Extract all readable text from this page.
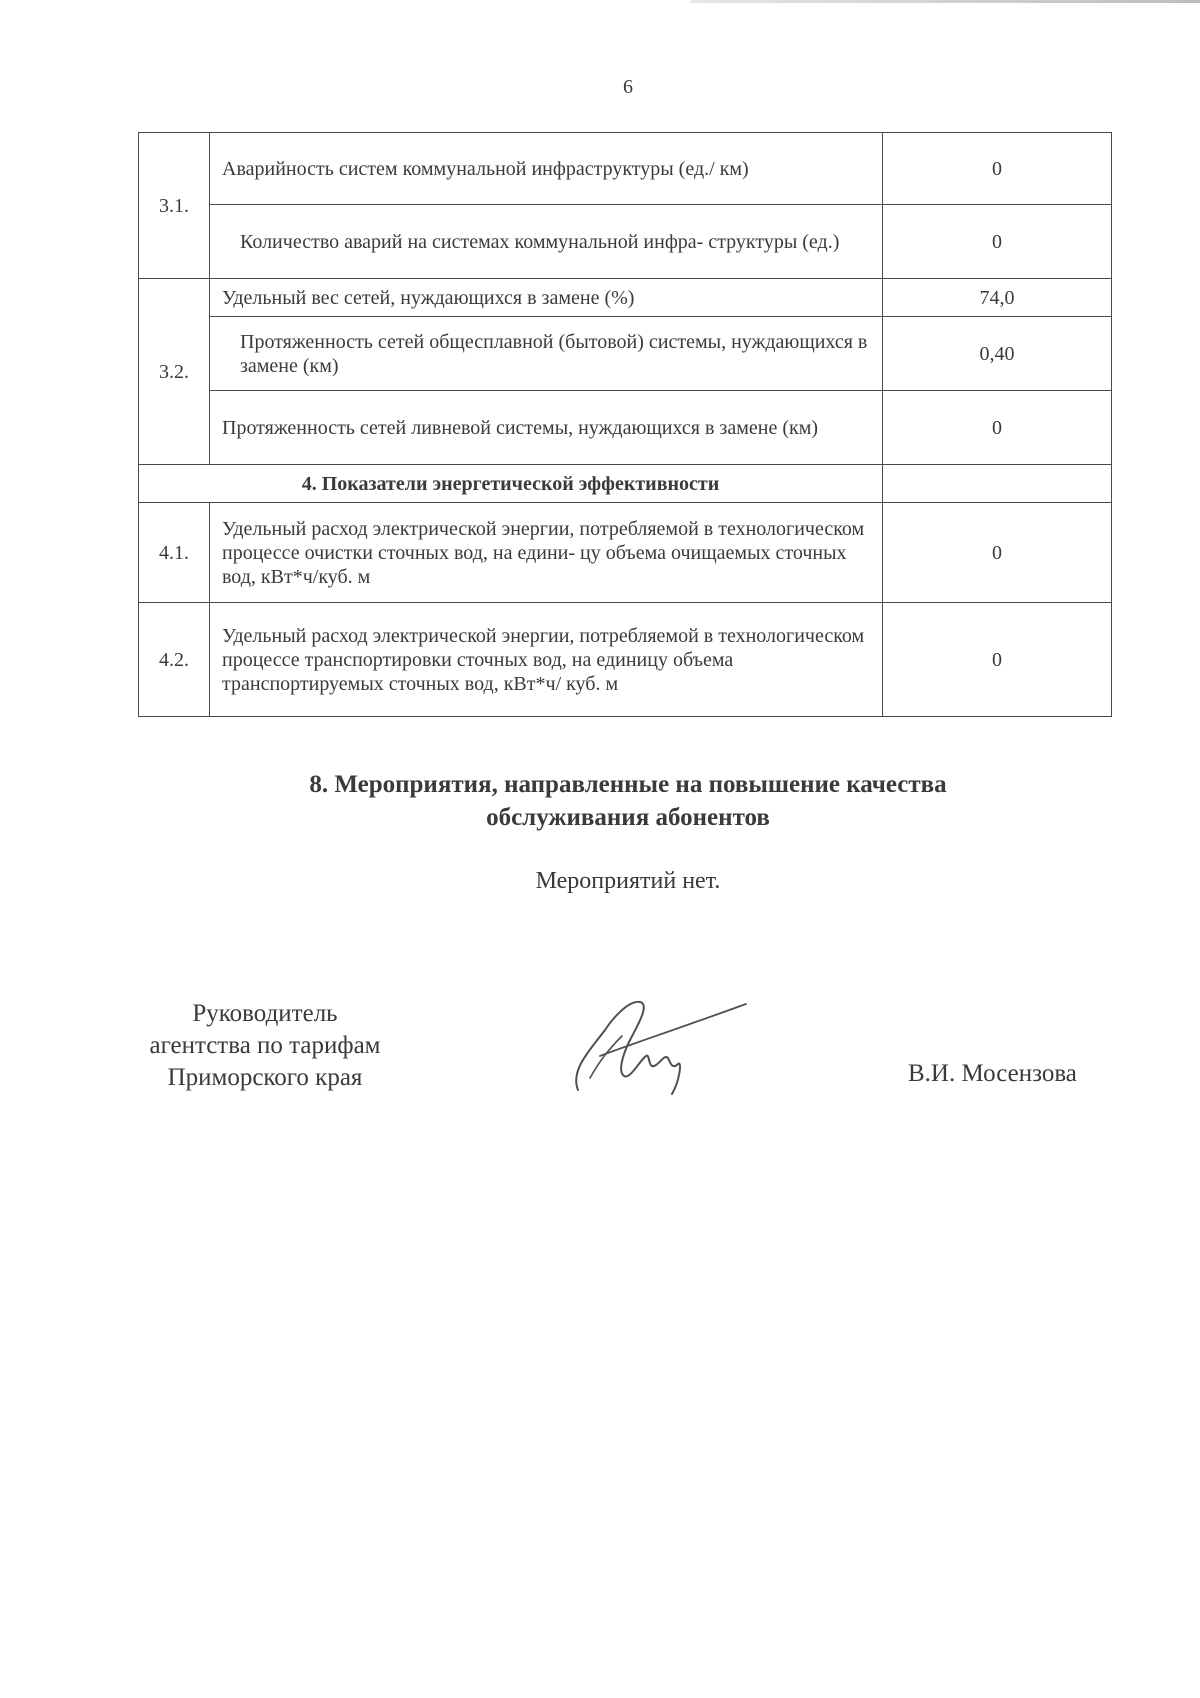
6
3.1.	Аварийность систем коммунальной инфраструктуры (ед./ км)	0
	Количество аварий на системах коммунальной инфра- структуры (ед.)	0
3.2.	Удельный вес сетей, нуждающихся в замене (%)	74,0
	Протяженность сетей общесплавной (бытовой) системы, нуждающихся в замене (км)	0,40
	Протяженность сетей ливневой системы, нуждающихся в замене (км)	0
4. Показатели энергетической эффективности		
4.1.	Удельный расход электрической энергии, потребляемой в технологическом процессе очистки сточных вод, на едини- цу объема очищаемых сточных вод, кВт*ч/куб. м	0
4.2.	Удельный расход электрической энергии, потребляемой в технологическом процессе транспортировки сточных вод, на единицу объема транспортируемых сточных вод, кВт*ч/ куб. м	0
8. Мероприятия, направленные на повышение качества
обслуживания абонентов
Мероприятий нет.
Руководитель
агентства по тарифам
Приморского края	В.И. Мосензова
